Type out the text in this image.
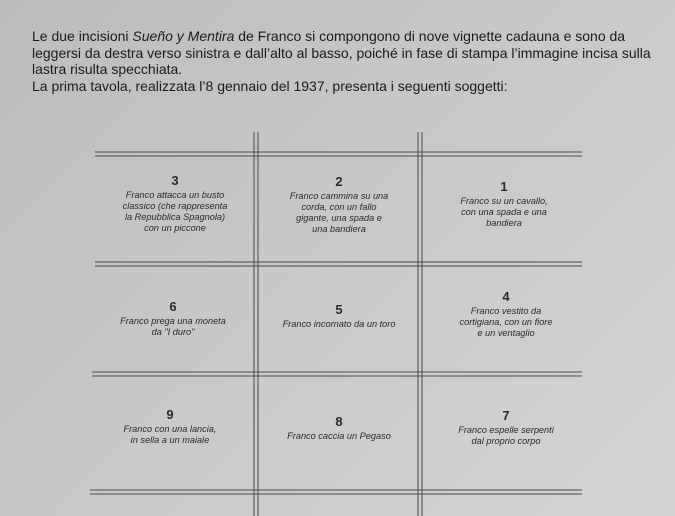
Le due incisioni Sueño y Mentira de Franco si compongono di nove vignette cadauna e sono da
leggersi da destra verso sinistra e dall’alto al basso, poiché in fase di stampa l’immagine incisa sulla
lastra risulta specchiata.
La prima tavola, realizzata l’8 gennaio del 1937, presenta i seguenti soggetti:
3
Franco attacca un busto
classico (che rappresenta
la Repubblica Spagnola)
con un piccone
2
Franco cammina su una
corda, con un fallo
gigante, una spada e
una bandiera
1
Franco su un cavallo,
con una spada e una
bandiera
6
Franco prega una moneta
da "I duro"
5
Franco incornato da un toro
4
Franco vestito da
cortigiana, con un fiore
e un ventaglio
9
Franco con una lancia,
in sella a un maiale
8
Franco caccia un Pegaso
7
Franco espelle serpenti
dal proprio corpo
